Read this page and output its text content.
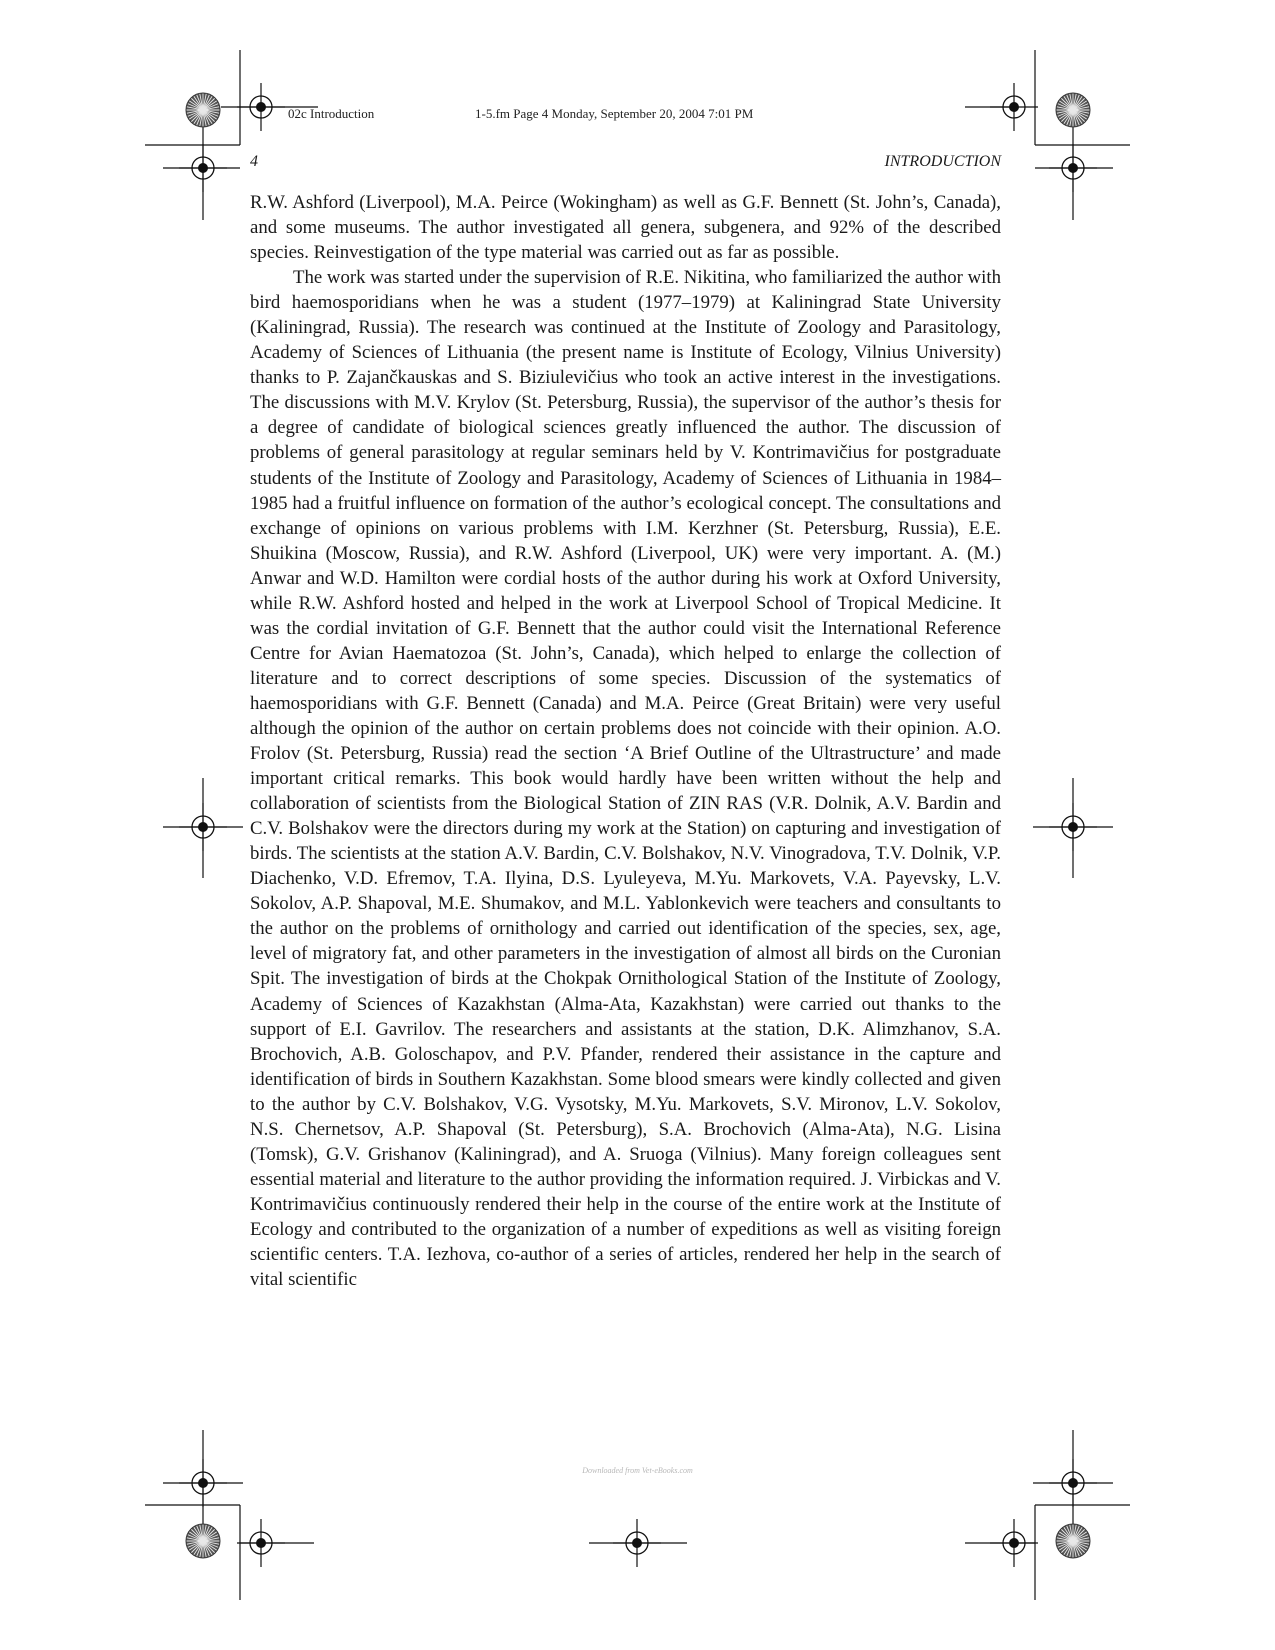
02c Introduction	1-5.fm Page 4 Monday, September 20, 2004 7:01 PM
4	INTRODUCTION

R.W. Ashford (Liverpool), M.A. Peirce (Wokingham) as well as G.F. Bennett (St. John’s, Canada), and some museums. The author investigated all genera, subgenera, and 92% of the described species. Reinvestigation of the type material was carried out as far as possible.

The work was started under the supervision of R.E. Nikitina, who familiarized the author with bird haemosporidians when he was a student (1977–1979) at Kaliningrad State University (Kaliningrad, Russia). The research was continued at the Institute of Zoology and Parasitology, Academy of Sciences of Lithuania (the present name is Institute of Ecology, Vilnius University) thanks to P. Zajančkauskas and S. Biziulevičius who took an active interest in the investigations. The discussions with M.V. Krylov (St. Petersburg, Russia), the supervisor of the author’s thesis for a degree of candidate of biological sciences greatly influenced the author. The discussion of problems of general parasitology at regular seminars held by V. Kontrimavičius for postgraduate students of the Institute of Zoology and Parasitology, Academy of Sciences of Lithuania in 1984–1985 had a fruitful influence on formation of the author’s ecological concept. The consultations and exchange of opinions on various problems with I.M. Kerzhner (St. Petersburg, Russia), E.E. Shuikina (Moscow, Russia), and R.W. Ashford (Liverpool, UK) were very important. A. (M.) Anwar and W.D. Hamilton were cordial hosts of the author during his work at Oxford University, while R.W. Ashford hosted and helped in the work at Liverpool School of Tropical Medicine. It was the cordial invitation of G.F. Bennett that the author could visit the International Reference Centre for Avian Haematozoa (St. John’s, Canada), which helped to enlarge the collection of literature and to correct descriptions of some species. Discussion of the systematics of haemosporidians with G.F. Bennett (Canada) and M.A. Peirce (Great Britain) were very useful although the opinion of the author on certain problems does not coincide with their opinion. A.O. Frolov (St. Petersburg, Russia) read the section ‘A Brief Outline of the Ultrastructure’ and made important critical remarks. This book would hardly have been written without the help and collaboration of scientists from the Biological Station of ZIN RAS (V.R. Dolnik, A.V. Bardin and C.V. Bolshakov were the directors during my work at the Station) on capturing and investigation of birds. The scientists at the station A.V. Bardin, C.V. Bolshakov, N.V. Vinogradova, T.V. Dolnik, V.P. Diachenko, V.D. Efremov, T.A. Ilyina, D.S. Lyuleyeva, M.Yu. Markovets, V.A. Payevsky, L.V. Sokolov, A.P. Shapoval, M.E. Shumakov, and M.L. Yablonkevich were teachers and consultants to the author on the problems of ornithology and carried out identification of the species, sex, age, level of migratory fat, and other parameters in the investigation of almost all birds on the Curonian Spit. The investigation of birds at the Chokpak Ornithological Station of the Institute of Zoology, Academy of Sciences of Kazakhstan (Alma-Ata, Kazakhstan) were carried out thanks to the support of E.I. Gavrilov. The researchers and assistants at the station, D.K. Alimzhanov, S.A. Brochovich, A.B. Goloschapov, and P.V. Pfander, rendered their assistance in the capture and identification of birds in Southern Kazakhstan. Some blood smears were kindly collected and given to the author by C.V. Bolshakov, V.G. Vysotsky, M.Yu. Markovets, S.V. Mironov, L.V. Sokolov, N.S. Chernetsov, A.P. Shapoval (St. Petersburg), S.A. Brochovich (Alma-Ata), N.G. Lisina (Tomsk), G.V. Grishanov (Kaliningrad), and A. Sruoga (Vilnius). Many foreign colleagues sent essential material and literature to the author providing the information required. J. Virbickas and V. Kontrimavičius continuously rendered their help in the course of the entire work at the Institute of Ecology and contributed to the organization of a number of expeditions as well as visiting foreign scientific centers. T.A. Iezhova, co-author of a series of articles, rendered her help in the search of vital scientific

Downloaded from Vet-eBooks.com
